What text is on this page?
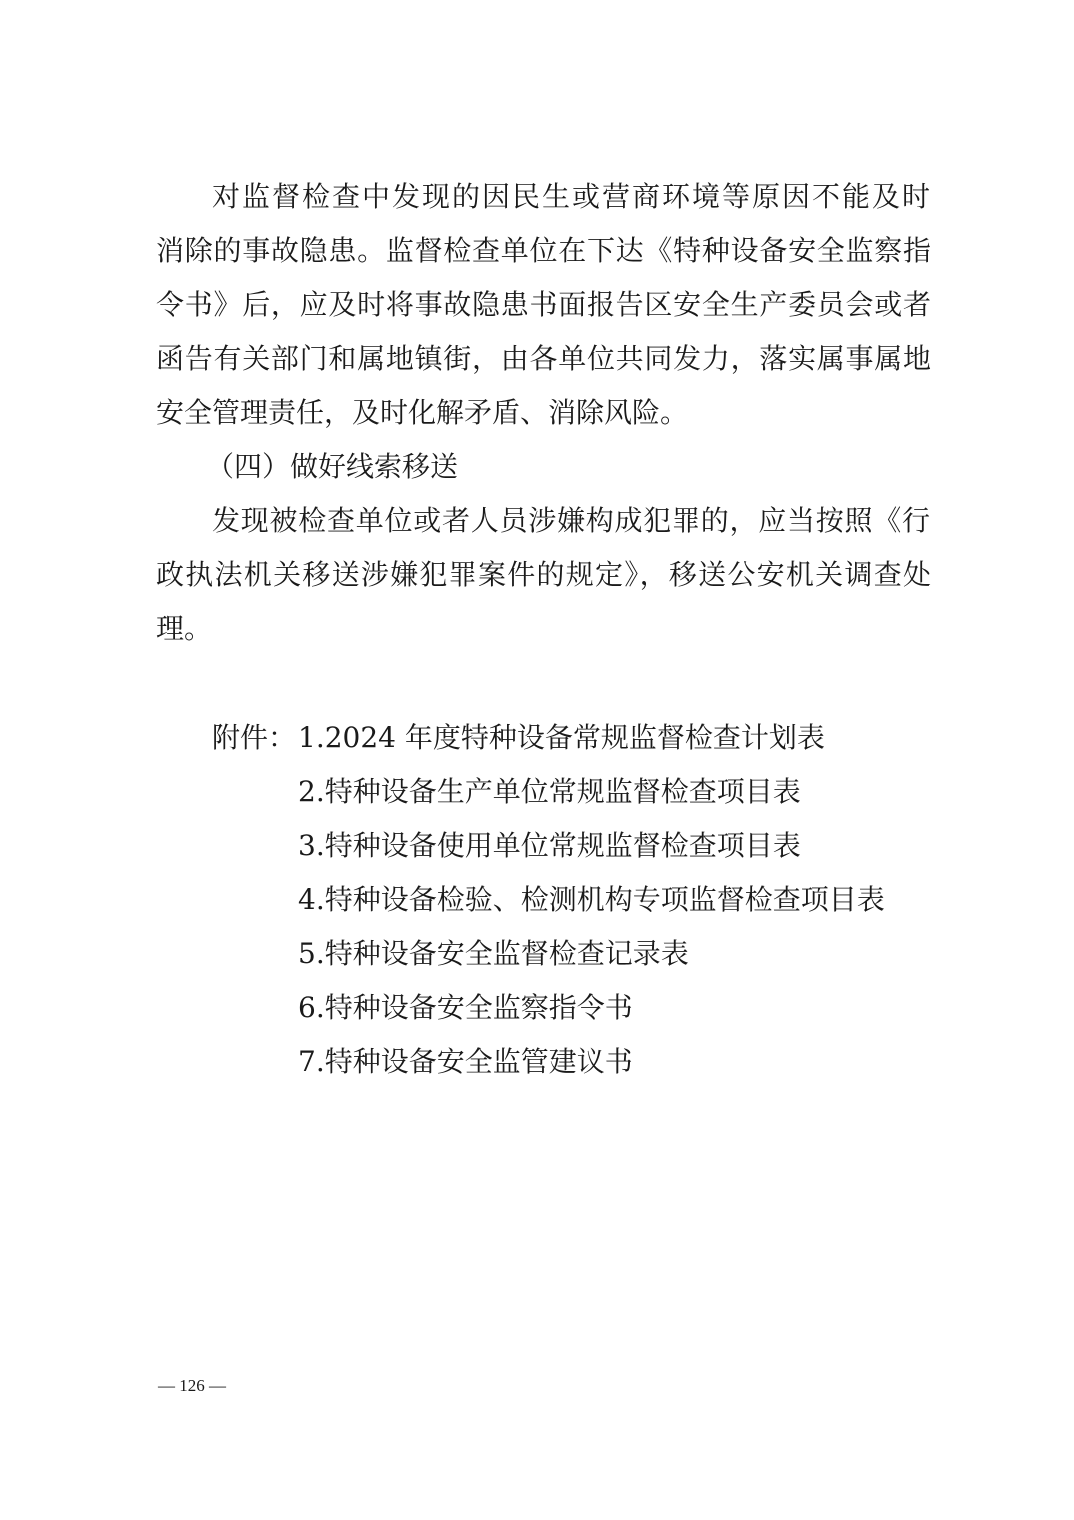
对监督检查中发现的因民生或营商环境等原因不能及时
消除的事故隐患。监督检查单位在下达《特种设备安全监察指
令书》后，应及时将事故隐患书面报告区安全生产委员会或者
函告有关部门和属地镇街，由各单位共同发力，落实属事属地
安全管理责任，及时化解矛盾、消除风险。
（四）做好线索移送
发现被检查单位或者人员涉嫌构成犯罪的，应当按照《行
政执法机关移送涉嫌犯罪案件的规定》，移送公安机关调查处
理。
附件： 1.2024 年度特种设备常规监督检查计划表
2.特种设备生产单位常规监督检查项目表
3.特种设备使用单位常规监督检查项目表
4.特种设备检验、检测机构专项监督检查项目表
5.特种设备安全监督检查记录表
6.特种设备安全监察指令书
7.特种设备安全监管建议书
— 126 —
